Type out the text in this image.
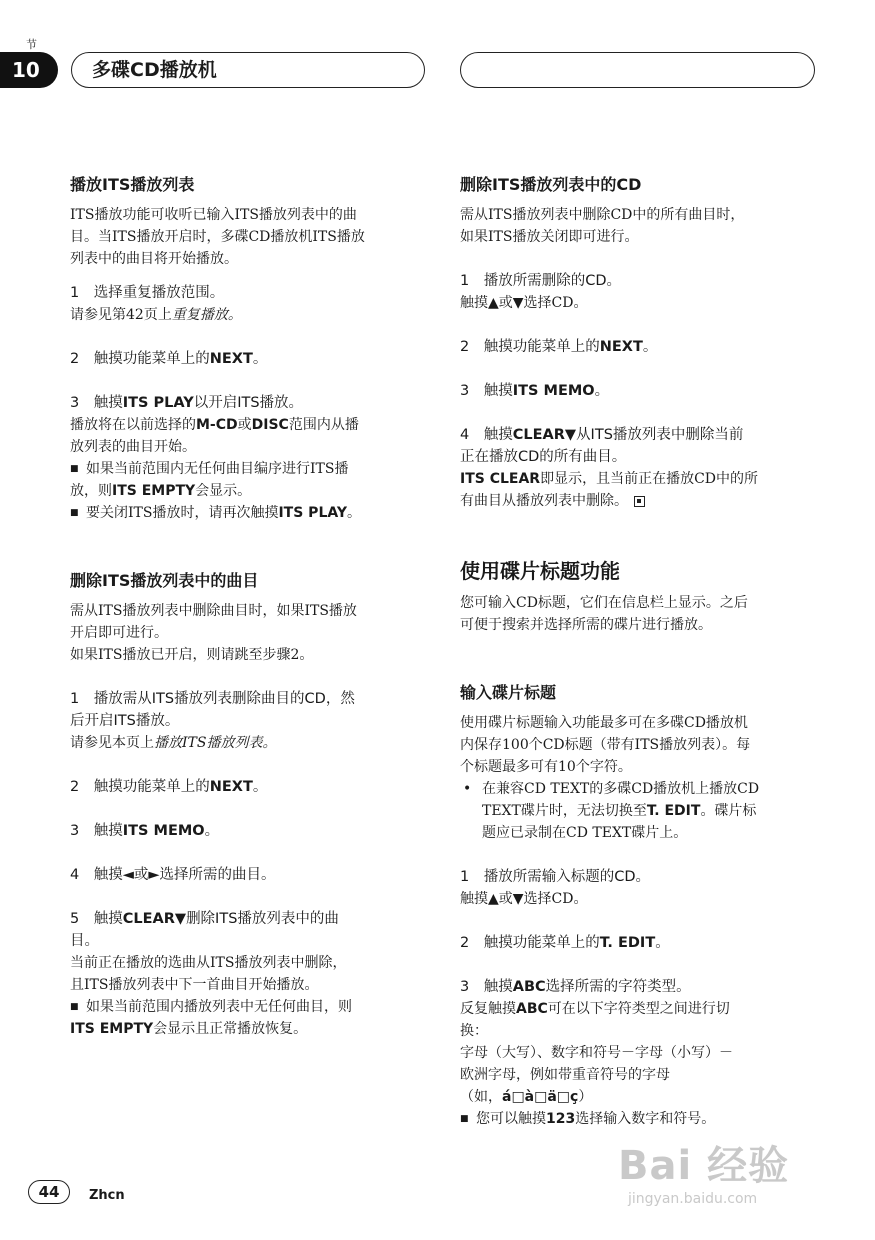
节
10	多碟CD播放机
播放ITS播放列表

ITS播放功能可收听已输入ITS播放列表中的曲

目。当ITS播放开启时，多碟CD播放机ITS播放

列表中的曲目将开始播放。

1　选择重复播放范围。

请参见第42页上重复播放。

2　触摸功能菜单上的NEXT。

3　触摸ITS PLAY以开启ITS播放。

播放将在以前选择的M-CD或DISC范围内从播

放列表的曲目开始。

■ 如果当前范围内无任何曲目编序进行ITS播
放，则ITS EMPTY会显示。

■ 要关闭ITS播放时，请再次触摸ITS PLAY。

删除ITS播放列表中的曲目

需从ITS播放列表中删除曲目时，如果ITS播放

开启即可进行。

如果ITS播放已开启，则请跳至步骤2。

1　播放需从ITS播放列表删除曲目的CD，然

后开启ITS播放。

请参见本页上播放ITS播放列表。

2　触摸功能菜单上的NEXT。

3　触摸ITS MEMO。

4　触摸◄或►选择所需的曲目。

5　触摸CLEAR▼删除ITS播放列表中的曲

目。

当前正在播放的选曲从ITS播放列表中删除，

且ITS播放列表中下一首曲目开始播放。

■ 如果当前范围内播放列表中无任何曲目，则
ITS EMPTY会显示且正常播放恢复。

删除ITS播放列表中的CD

需从ITS播放列表中删除CD中的所有曲目时，

如果ITS播放关闭即可进行。

1　播放所需删除的CD。

触摸▲或▼选择CD。

2　触摸功能菜单上的NEXT。

3　触摸ITS MEMO。

4　触摸CLEAR▼从ITS播放列表中删除当前

正在播放CD的所有曲目。

ITS CLEAR即显示，且当前正在播放CD中的所

有曲目从播放列表中删除。

使用碟片标题功能

您可输入CD标题，它们在信息栏上显示。之后

可便于搜索并选择所需的碟片进行播放。

输入碟片标题

使用碟片标题输入功能最多可在多碟CD播放机

内保存100个CD标题（带有ITS播放列表）。每

个标题最多可有10个字符。

• 在兼容CD TEXT的多碟CD播放机上播放CD
TEXT碟片时，无法切换至T. EDIT。碟片标
题应已录制在CD TEXT碟片上。

1　播放所需输入标题的CD。

触摸▲或▼选择CD。

2　触摸功能菜单上的T. EDIT。

3　触摸ABC选择所需的字符类型。

反复触摸ABC可在以下字符类型之间进行切

换：

字母（大写）、数字和符号－字母（小写）－

欧洲字母，例如带重音符号的字母

（如，á□à□ä□ç）

■ 您可以触摸123选择输入数字和符号。

44	Zhcn
Bai 经验
jingyan.baidu.com
